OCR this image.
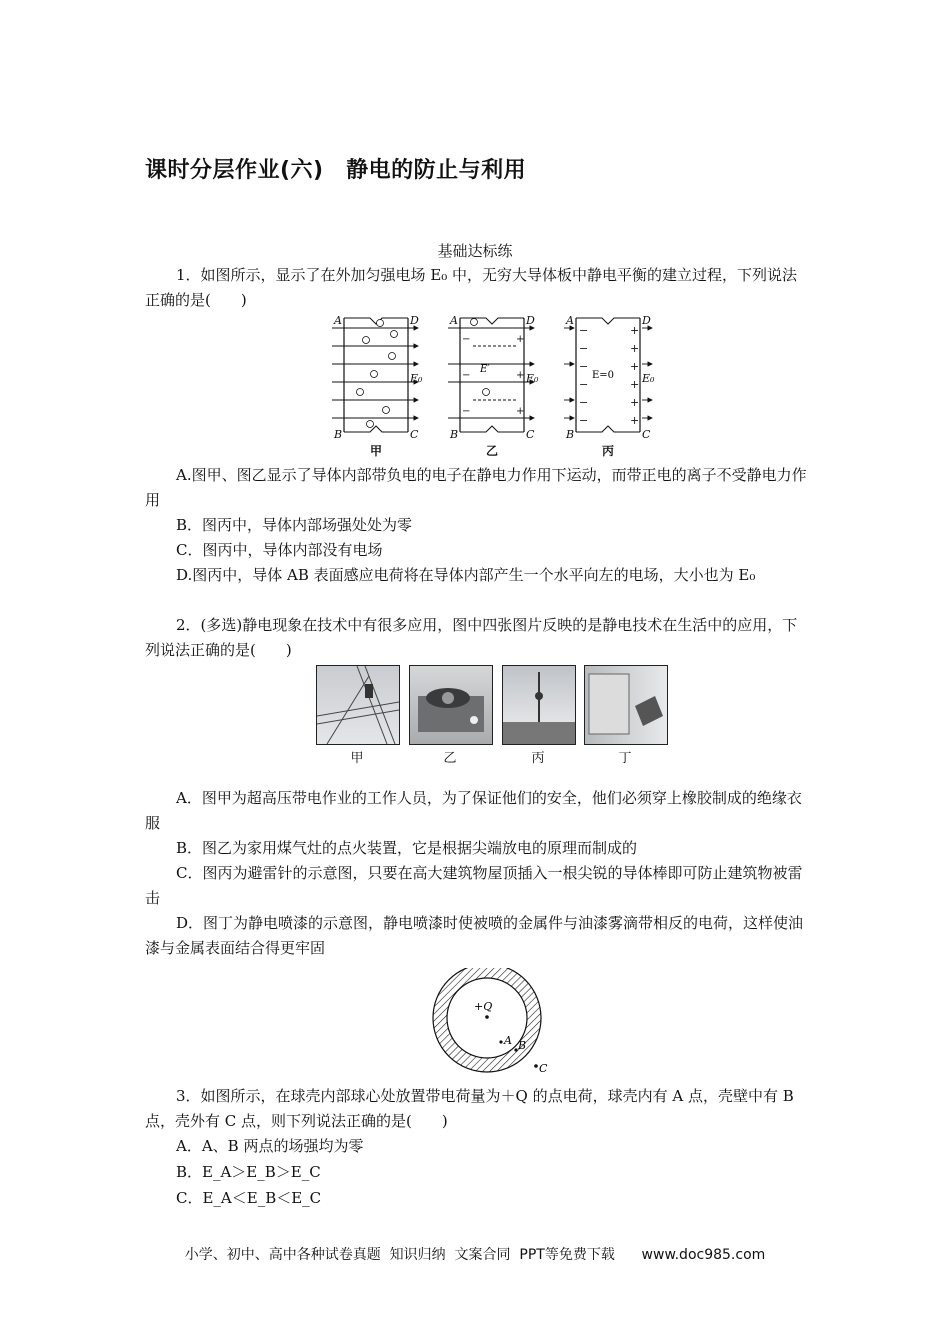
课时分层作业(六)　静电的防止与利用
基础达标练
1．如图所示，显示了在外加匀强电场 E₀ 中，无穷大导体板中静电平衡的建立过程，下列说法正确的是(　　)
−
−
−
+
+
+
E′
−
−
−
−
−
−
+
+
+
+
+
+
E=0
A
B	C
D
E₀
A
B	C
D
E₀
A
B	C
D
E₀
甲	乙	丙
A.图甲、图乙显示了导体内部带负电的电子在静电力作用下运动，而带正电的离子不受静电力作用
B．图丙中，导体内部场强处处为零
C．图丙中，导体内部没有电场
D.图丙中，导体 AB 表面感应电荷将在导体内部产生一个水平向左的电场，大小也为 E₀
2．(多选)静电现象在技术中有很多应用，图中四张图片反映的是静电技术在生活中的应用，下列说法正确的是(　　)
甲	乙	丙	丁
A．图甲为超高压带电作业的工作人员，为了保证他们的安全，他们必须穿上橡胶制成的绝缘衣服
B．图乙为家用煤气灶的点火装置，它是根据尖端放电的原理而制成的
C．图丙为避雷针的示意图，只要在高大建筑物屋顶插入一根尖锐的导体棒即可防止建筑物被雷击
D．图丁为静电喷漆的示意图，静电喷漆时使被喷的金属件与油漆雾滴带相反的电荷，这样使油漆与金属表面结合得更牢固
+Q
A B
C
3．如图所示，在球壳内部球心处放置带电荷量为＋Q 的点电荷，球壳内有 A 点，壳壁中有 B 点，壳外有 C 点，则下列说法正确的是(　　)
A．A、B 两点的场强均为零
B．E_A＞E_B＞E_C
C．E_A＜E_B＜E_C
小学、初中、高中各种试卷真题  知识归纳  文案合同  PPT等免费下载      www.doc985.com
